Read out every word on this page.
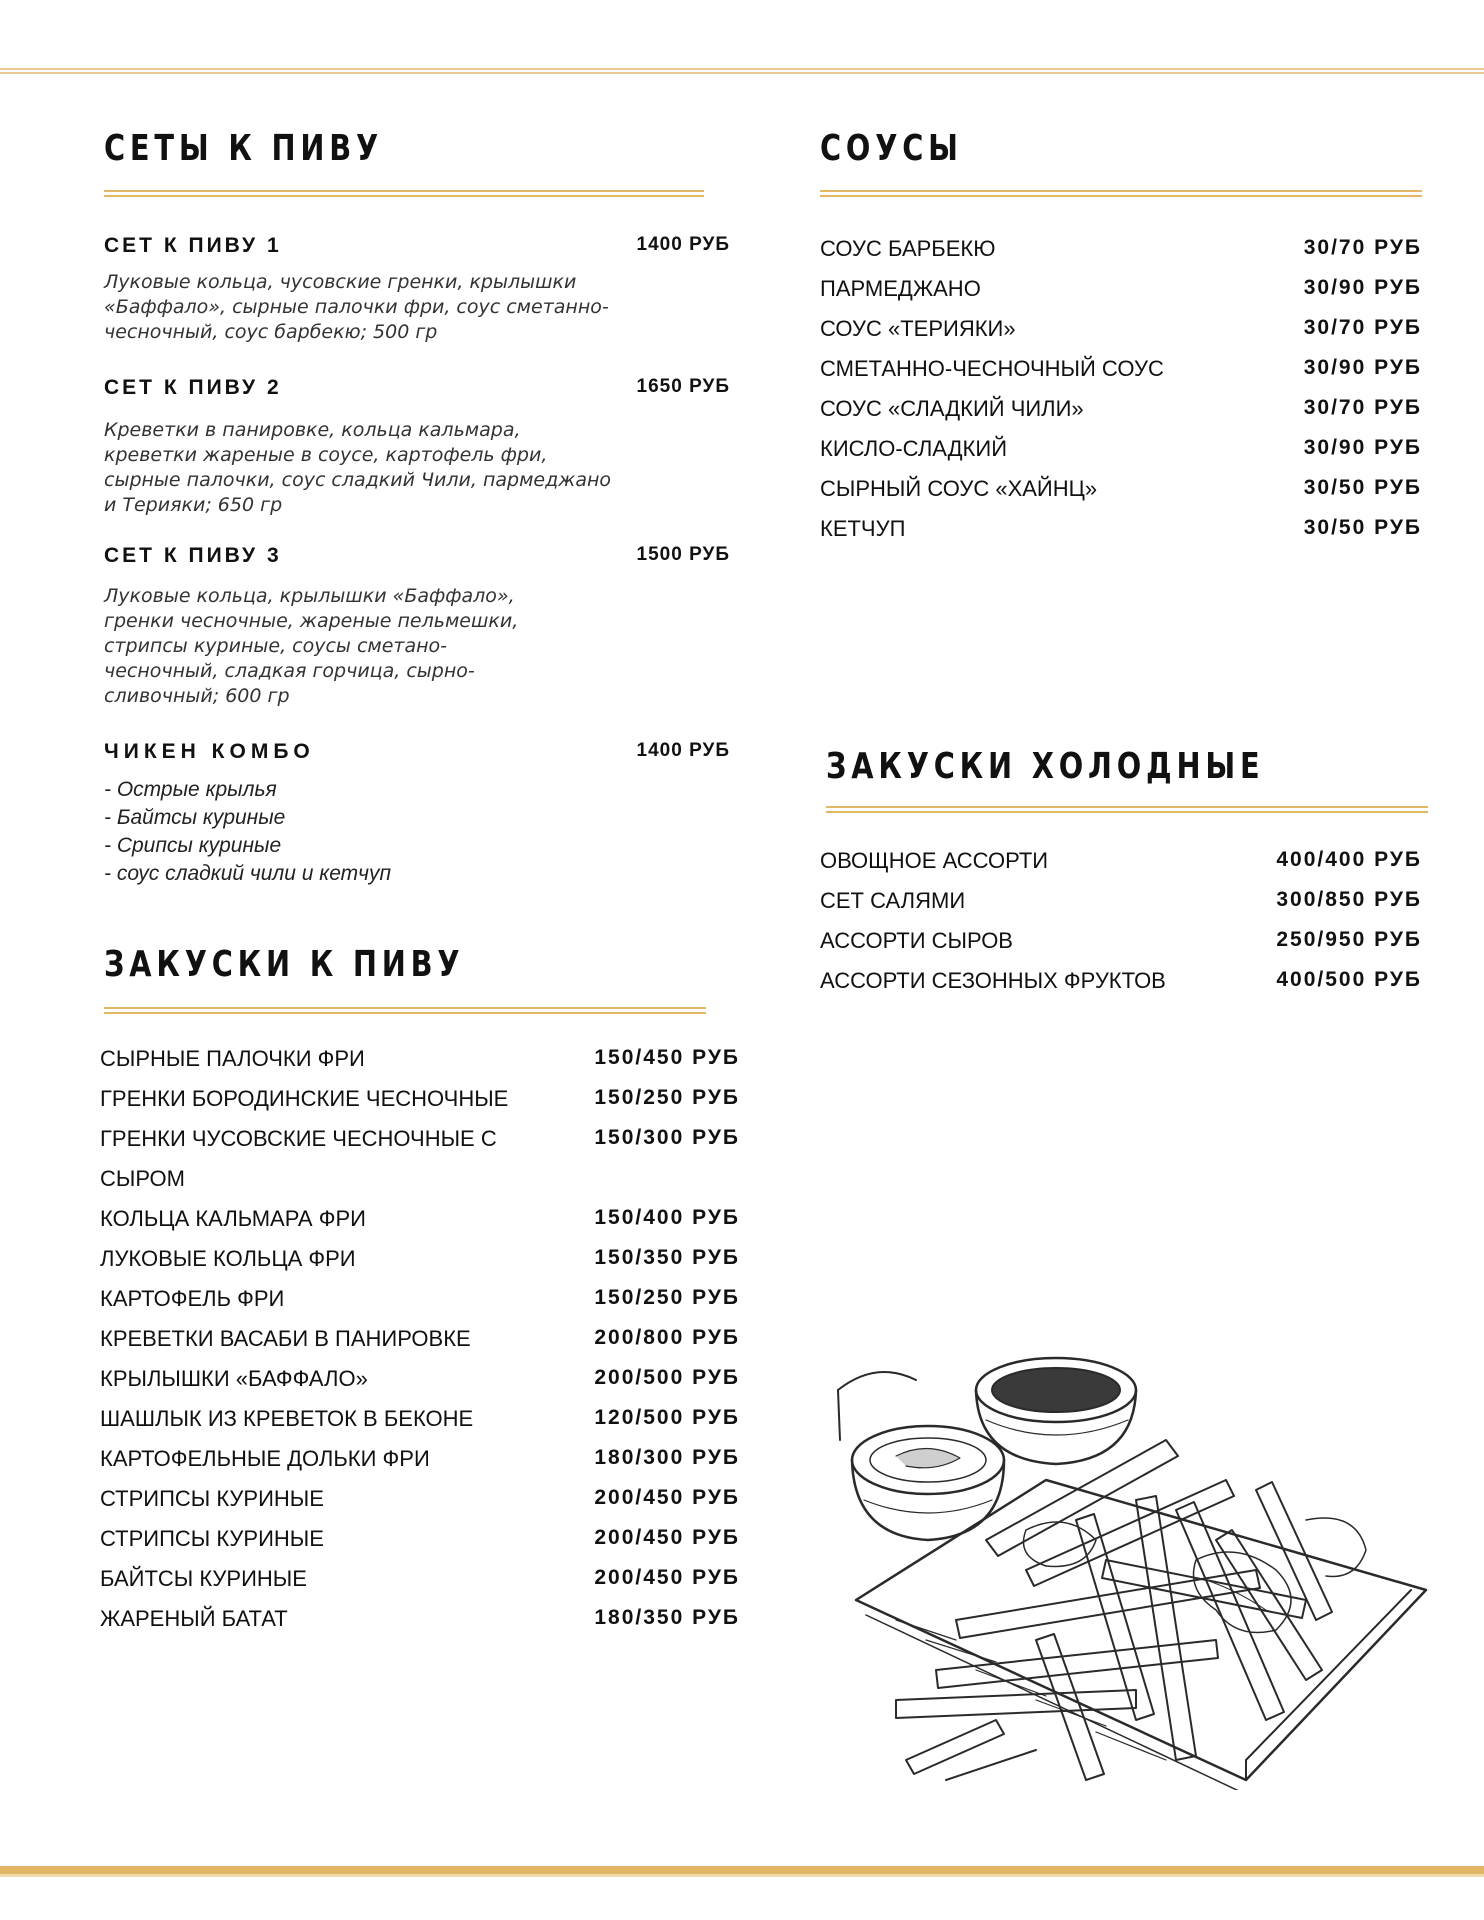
СЕТЫ К ПИВУ
СЕТ К ПИВУ 1	1400 РУБ

Луковые кольца, чусовские гренки, крылышки «Баффало», сырные палочки фри, соус сметанно-чесночный, соус барбекю; 500 гр

СЕТ К ПИВУ 2	1650 РУБ

Креветки в панировке, кольца кальмара, креветки жареные в соусе, картофель фри, сырные палочки, соус сладкий Чили, пармеджано и Терияки; 650 гр

СЕТ К ПИВУ 3	1500 РУБ

Луковые кольца, крылышки «Баффало», гренки чесночные, жареные пельмешки, стрипсы куриные, соусы сметано- чесночный, сладкая горчица, сырно- сливочный; 600 гр

ЧИКЕН КОМБО	1400 РУБ
- Острые крылья
- Байтсы куриные
- Срипсы куриные
- соус сладкий чили и кетчуп
ЗАКУСКИ К ПИВУ
СЫРНЫЕ ПАЛОЧКИ ФРИ	150/450 РУБ
ГРЕНКИ БОРОДИНСКИЕ ЧЕСНОЧНЫЕ	150/250 РУБ
ГРЕНКИ ЧУСОВСКИЕ ЧЕСНОЧНЫЕ С	150/300 РУБ
СЫРОМ
КОЛЬЦА КАЛЬМАРА ФРИ	150/400 РУБ
ЛУКОВЫЕ КОЛЬЦА ФРИ	150/350 РУБ
КАРТОФЕЛЬ ФРИ	150/250 РУБ
КРЕВЕТКИ ВАСАБИ В ПАНИРОВКЕ	200/800 РУБ
КРЫЛЫШКИ «БАФФАЛО»	200/500 РУБ
ШАШЛЫК ИЗ КРЕВЕТОК В БЕКОНЕ	120/500 РУБ
КАРТОФЕЛЬНЫЕ ДОЛЬКИ ФРИ	180/300 РУБ
СТРИПСЫ КУРИНЫЕ	200/450 РУБ
СТРИПСЫ КУРИНЫЕ	200/450 РУБ
БАЙТСЫ КУРИНЫЕ	200/450 РУБ
ЖАРЕНЫЙ БАТАТ	180/350 РУБ
СОУСЫ
СОУС БАРБЕКЮ	30/70 РУБ
ПАРМЕДЖАНО	30/90 РУБ
СОУС «ТЕРИЯКИ»	30/70 РУБ
СМЕТАННО-ЧЕСНОЧНЫЙ СОУС	30/90 РУБ
СОУС «СЛАДКИЙ ЧИЛИ»	30/70 РУБ
КИСЛО-СЛАДКИЙ	30/90 РУБ
СЫРНЫЙ СОУС «ХАЙНЦ»	30/50 РУБ
КЕТЧУП	30/50 РУБ
ЗАКУСКИ ХОЛОДНЫЕ
ОВОЩНОЕ АССОРТИ	400/400 РУБ
СЕТ САЛЯМИ	300/850 РУБ
АССОРТИ СЫРОВ	250/950 РУБ
АССОРТИ СЕЗОННЫХ ФРУКТОВ	400/500 РУБ
